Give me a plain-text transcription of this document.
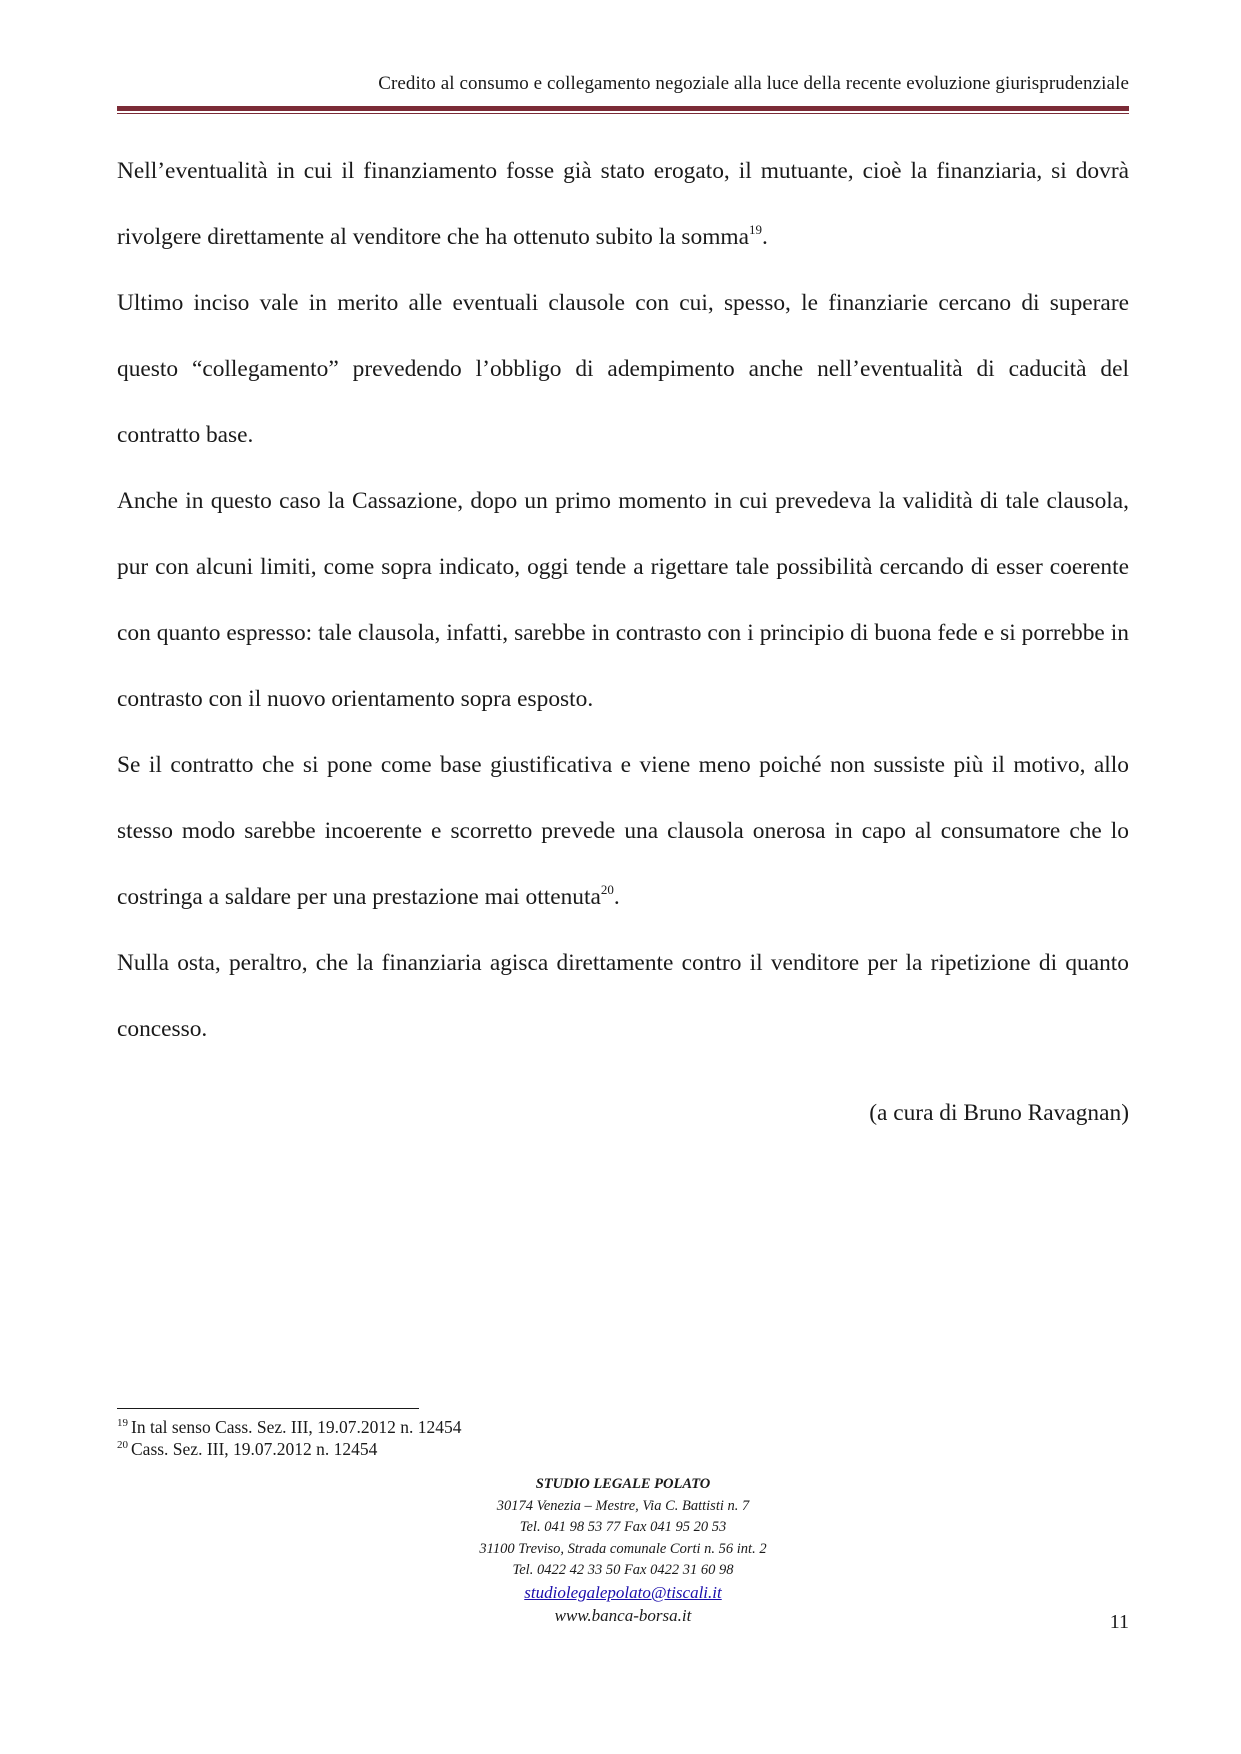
Credito al consumo e collegamento negoziale alla luce della recente evoluzione giurisprudenziale

Nell’eventualità in cui il finanziamento fosse già stato erogato, il mutuante, cioè la finanziaria, si dovrà rivolgere direttamente al venditore che ha ottenuto subito la somma$^{19}$.

Ultimo inciso vale in merito alle eventuali clausole con cui, spesso, le finanziarie cercano di superare questo “collegamento” prevedendo l’obbligo di adempimento anche nell’eventualità di caducità del contratto base.

Anche in questo caso la Cassazione, dopo un primo momento in cui prevedeva la validità di tale clausola, pur con alcuni limiti, come sopra indicato, oggi tende a rigettare tale possibilità cercando di esser coerente con quanto espresso: tale clausola, infatti, sarebbe in contrasto con i principio di buona fede e si porrebbe in contrasto con il nuovo orientamento sopra esposto.

Se il contratto che si pone come base giustificativa e viene meno poiché non sussiste più il motivo, allo stesso modo sarebbe incoerente e scorretto prevede una clausola onerosa in capo al consumatore che lo costringa a saldare per una prestazione mai ottenuta$^{20}$.

Nulla osta, peraltro, che la finanziaria agisca direttamente contro il venditore per la ripetizione di quanto concesso.

(a cura di Bruno Ravagnan)
$^{19}$ In tal senso Cass. Sez. III, 19.07.2012 n. 12454
$^{20}$ Cass. Sez. III, 19.07.2012 n. 12454
STUDIO LEGALE POLATO
30174 Venezia – Mestre, Via C. Battisti n. 7
Tel. 041 98 53 77 Fax 041 95 20 53
31100 Treviso, Strada comunale Corti n. 56 int. 2
Tel. 0422 42 33 50 Fax 0422 31 60 98
studiolegalepolato@tiscali.it
www.banca-borsa.it	11
